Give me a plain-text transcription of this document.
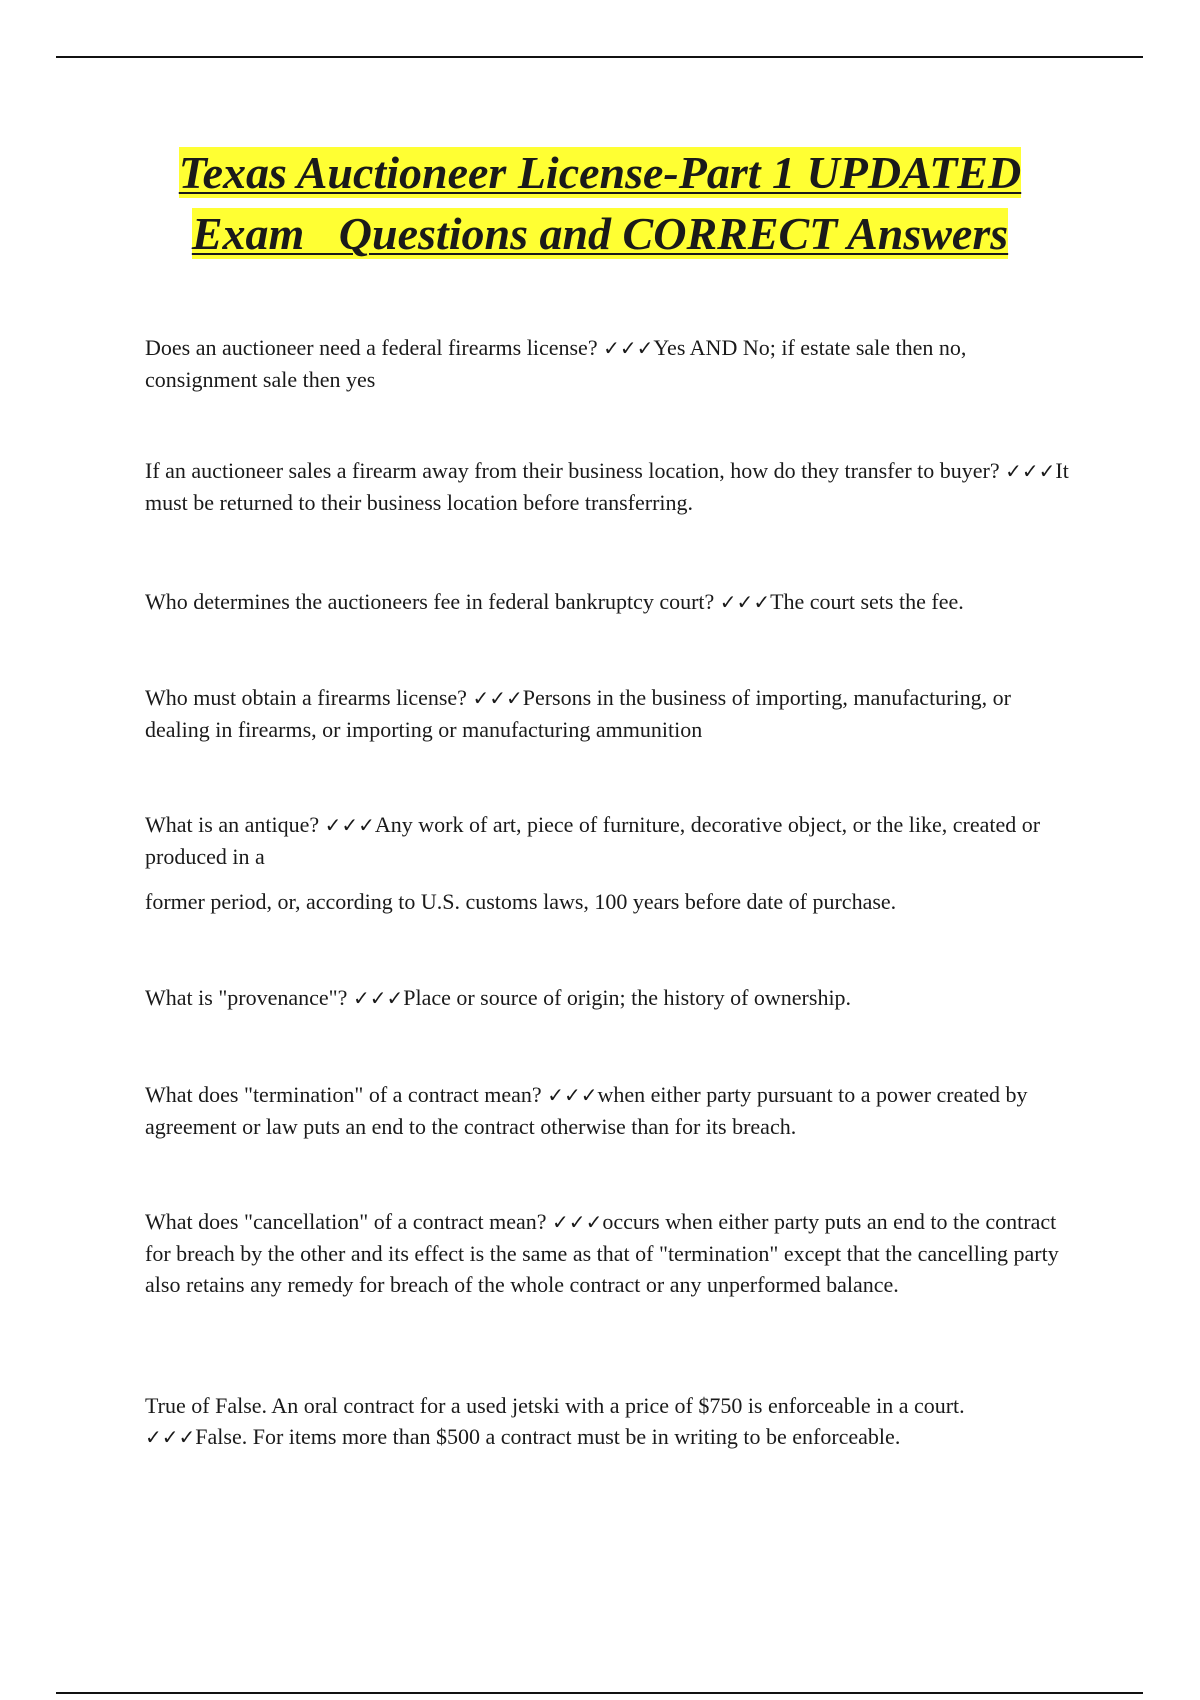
Texas Auctioneer License-Part 1 UPDATED
Exam   Questions and CORRECT Answers

Does an auctioneer need a federal firearms license? ✓✓✓Yes AND No; if estate sale then no, consignment sale then yes

If an auctioneer sales a firearm away from their business location, how do they transfer to buyer? ✓✓✓It must be returned to their business location before transferring.

Who determines the auctioneers fee in federal bankruptcy court? ✓✓✓The court sets the fee.

Who must obtain a firearms license? ✓✓✓Persons in the business of importing, manufacturing, or dealing in firearms, or importing or manufacturing ammunition

What is an antique? ✓✓✓Any work of art, piece of furniture, decorative object, or the like, created or produced in a

former period, or, according to U.S. customs laws, 100 years before date of purchase.

What is "provenance"? ✓✓✓Place or source of origin; the history of ownership.

What does "termination" of a contract mean? ✓✓✓when either party pursuant to a power created by agreement or law puts an end to the contract otherwise than for its breach.

What does "cancellation" of a contract mean? ✓✓✓occurs when either party puts an end to the contract for breach by the other and its effect is the same as that of "termination" except that the cancelling party also retains any remedy for breach of the whole contract or any unperformed balance.

True of False. An oral contract for a used jetski with a price of $750 is enforceable in a court. ✓✓✓False. For items more than $500 a contract must be in writing to be enforceable.
